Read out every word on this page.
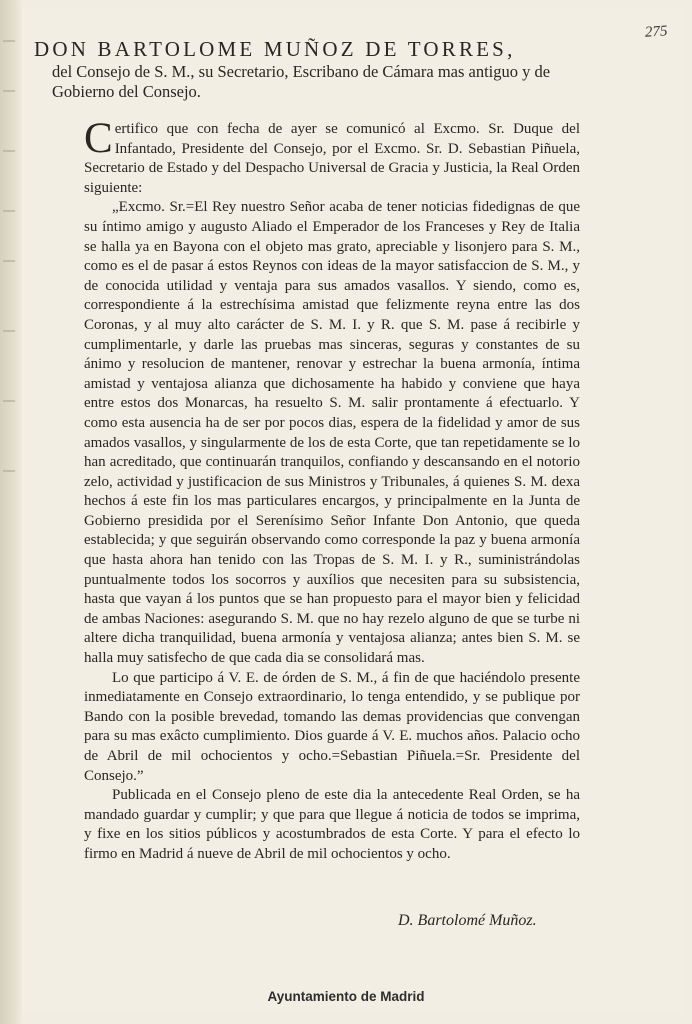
275
DON BARTOLOME MUÑOZ DE TORRES,
del Consejo de S. M., su Secretario, Escribano de Cámara mas antiguo y de Gobierno del Consejo.

Certifico que con fecha de ayer se comunicó al Excmo. Sr. Duque del Infantado, Presidente del Consejo, por el Excmo. Sr. D. Sebastian Piñuela, Secretario de Estado y del Despacho Universal de Gracia y Justicia, la Real Orden siguiente:

„Excmo. Sr.=El Rey nuestro Señor acaba de tener noticias fidedignas de que su íntimo amigo y augusto Aliado el Emperador de los Franceses y Rey de Italia se halla ya en Bayona con el objeto mas grato, apreciable y lisonjero para S. M., como es el de pasar á estos Reynos con ideas de la mayor satisfaccion de S. M., y de conocida utilidad y ventaja para sus amados vasallos. Y siendo, como es, correspondiente á la estrechísima amistad que felizmente reyna entre las dos Coronas, y al muy alto carácter de S. M. I. y R. que S. M. pase á recibirle y cumplimentarle, y darle las pruebas mas sinceras, seguras y constantes de su ánimo y resolucion de mantener, renovar y estrechar la buena armonía, íntima amistad y ventajosa alianza que dichosamente ha habido y conviene que haya entre estos dos Monarcas, ha resuelto S. M. salir prontamente á efectuarlo. Y como esta ausencia ha de ser por pocos dias, espera de la fidelidad y amor de sus amados vasallos, y singularmente de los de esta Corte, que tan repetidamente se lo han acreditado, que continuarán tranquilos, confiando y descansando en el notorio zelo, actividad y justificacion de sus Ministros y Tribunales, á quienes S. M. dexa hechos á este fin los mas particulares encargos, y principalmente en la Junta de Gobierno presidida por el Serenísimo Señor Infante Don Antonio, que queda establecida; y que seguirán observando como corresponde la paz y buena armonía que hasta ahora han tenido con las Tropas de S. M. I. y R., suministrándolas puntualmente todos los socorros y auxílios que necesiten para su subsistencia, hasta que vayan á los puntos que se han propuesto para el mayor bien y felicidad de ambas Naciones: asegurando S. M. que no hay rezelo alguno de que se turbe ni altere dicha tranquilidad, buena armonía y ventajosa alianza; antes bien S. M. se halla muy satisfecho de que cada dia se consolidará mas.

Lo que participo á V. E. de órden de S. M., á fin de que haciéndolo presente inmediatamente en Consejo extraordinario, lo tenga entendido, y se publique por Bando con la posible brevedad, tomando las demas providencias que convengan para su mas exâcto cumplimiento. Dios guarde á V. E. muchos años. Palacio ocho de Abril de mil ochocientos y ocho.=Sebastian Piñuela.=Sr. Presidente del Consejo.”

Publicada en el Consejo pleno de este dia la antecedente Real Orden, se ha mandado guardar y cumplir; y que para que llegue á noticia de todos se imprima, y fixe en los sitios públicos y acostumbrados de esta Corte. Y para el efecto lo firmo en Madrid á nueve de Abril de mil ochocientos y ocho.

D. Bartolomé Muñoz.
Ayuntamiento de Madrid
